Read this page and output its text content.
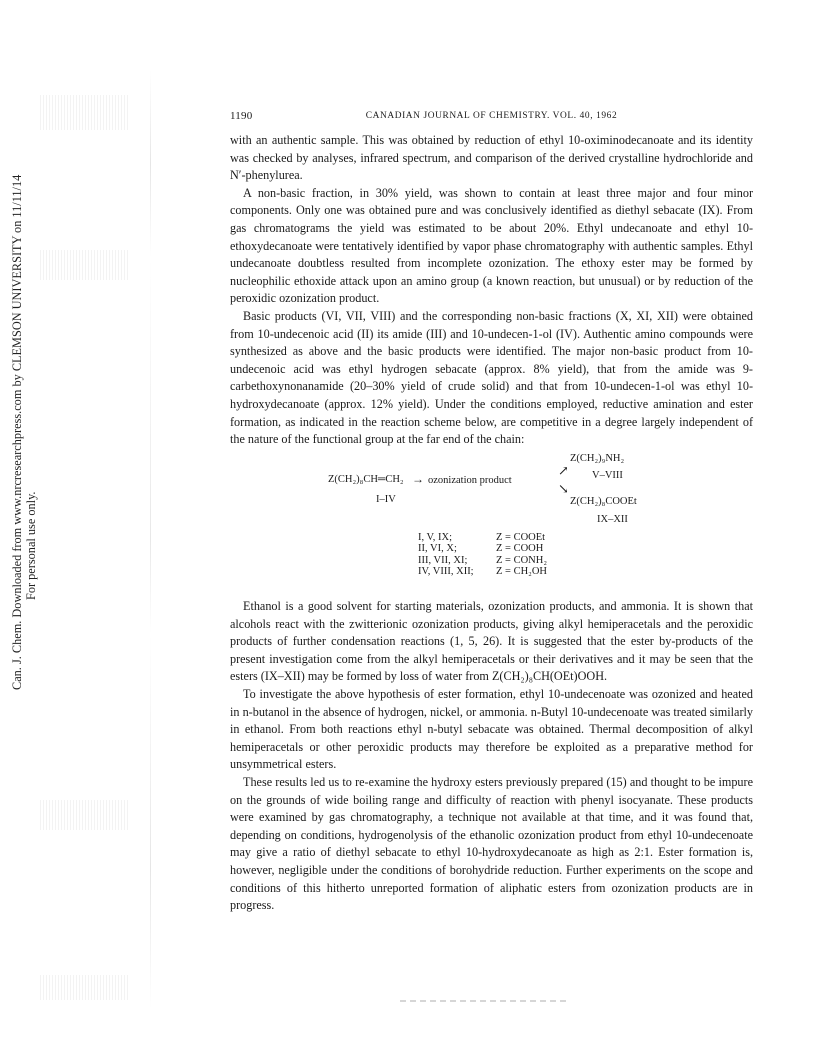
Can. J. Chem. Downloaded from www.nrcresearchpress.com by CLEMSON UNIVERSITY on 11/11/14 For personal use only.
1190	CANADIAN JOURNAL OF CHEMISTRY. VOL. 40, 1962

with an authentic sample. This was obtained by reduction of ethyl 10-oximinodecanoate and its identity was checked by analyses, infrared spectrum, and comparison of the derived crystalline hydrochloride and N′-phenylurea.

A non-basic fraction, in 30% yield, was shown to contain at least three major and four minor components. Only one was obtained pure and was conclusively identified as diethyl sebacate (IX). From gas chromatograms the yield was estimated to be about 20%. Ethyl undecanoate and ethyl 10-ethoxydecanoate were tentatively identified by vapor phase chromatography with authentic samples. Ethyl undecanoate doubtless resulted from incomplete ozonization. The ethoxy ester may be formed by nucleophilic ethoxide attack upon an amino group (a known reaction, but unusual) or by reduction of the peroxidic ozonization product.

Basic products (VI, VII, VIII) and the corresponding non-basic fractions (X, XI, XII) were obtained from 10-undecenoic acid (II) its amide (III) and 10-undecen-1-ol (IV). Authentic amino compounds were synthesized as above and the basic products were identified. The major non-basic product from 10-undecenoic acid was ethyl hydrogen sebacate (approx. 8% yield), that from the amide was 9-carbethoxynonanamide (20–30% yield of crude solid) and that from 10-undecen-1-ol was ethyl 10-hydroxydecanoate (approx. 12% yield). Under the conditions employed, reductive amination and ester formation, as indicated in the reaction scheme below, are competitive in a degree largely independent of the nature of the functional group at the far end of the chain:

Z(CH₂)₉NH₂
↗ V–VIII
Z(CH₂)₈CH═CH₂ → ozonization product
↘
I–IV	Z(CH₂)₈COOEt
IX–XII
I, V, IX;	Z = COOEt
II, VI, X;	Z = COOH
III, VII, XI;	Z = CONH₂
IV, VIII, XII; Z = CH₂OH

Ethanol is a good solvent for starting materials, ozonization products, and ammonia. It is shown that alcohols react with the zwitterionic ozonization products, giving alkyl hemiperacetals and the peroxidic products of further condensation reactions (1, 5, 26). It is suggested that the ester by-products of the present investigation come from the alkyl hemiperacetals or their derivatives and it may be seen that the esters (IX–XII) may be formed by loss of water from Z(CH₂)₈CH(OEt)OOH.

To investigate the above hypothesis of ester formation, ethyl 10-undecenoate was ozonized and heated in n-butanol in the absence of hydrogen, nickel, or ammonia. n-Butyl 10-undecenoate was treated similarly in ethanol. From both reactions ethyl n-butyl sebacate was obtained. Thermal decomposition of alkyl hemiperacetals or other peroxidic products may therefore be exploited as a preparative method for unsymmetrical esters.

These results led us to re-examine the hydroxy esters previously prepared (15) and thought to be impure on the grounds of wide boiling range and difficulty of reaction with phenyl isocyanate. These products were examined by gas chromatography, a technique not available at that time, and it was found that, depending on conditions, hydrogenolysis of the ethanolic ozonization product from ethyl 10-undecenoate may give a ratio of diethyl sebacate to ethyl 10-hydroxydecanoate as high as 2:1. Ester formation is, however, negligible under the conditions of borohydride reduction. Further experiments on the scope and conditions of this hitherto unreported formation of aliphatic esters from ozonization products are in progress.
